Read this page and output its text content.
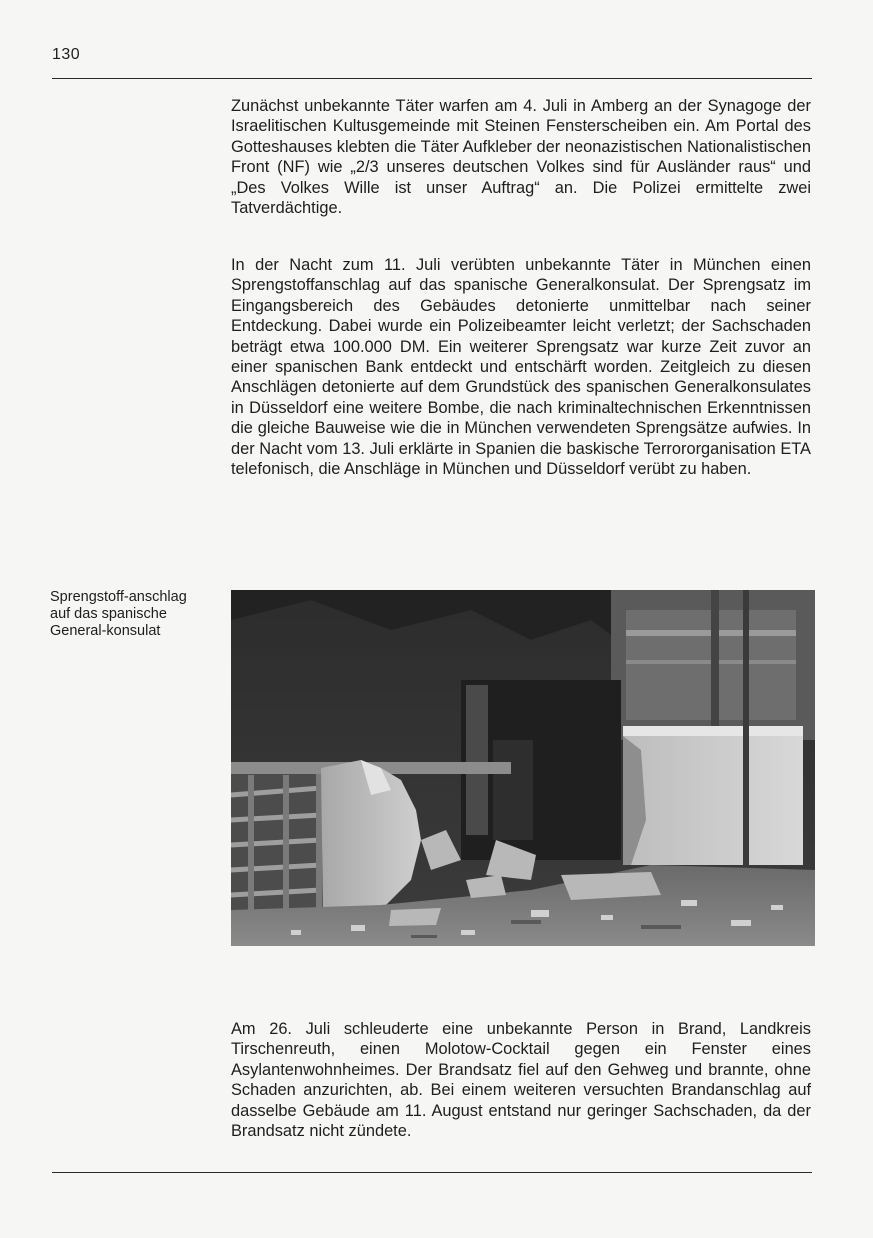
130

Zunächst unbekannte Täter warfen am 4. Juli in Amberg an der Synagoge der Israelitischen Kultusgemeinde mit Steinen Fensterscheiben ein. Am Portal des Gotteshauses klebten die Täter Aufkleber der neonazistischen Nationalistischen Front (NF) wie „2/3 unseres deutschen Volkes sind für Ausländer raus“ und „Des Volkes Wille ist unser Auftrag“ an. Die Polizei ermittelte zwei Tatverdächtige.

In der Nacht zum 11. Juli verübten unbekannte Täter in München einen Sprengstoffanschlag auf das spanische Generalkonsulat. Der Sprengsatz im Eingangsbereich des Gebäudes detonierte unmittelbar nach seiner Entdeckung. Dabei wurde ein Polizeibeamter leicht verletzt; der Sachschaden beträgt etwa 100.000 DM. Ein weiterer Sprengsatz war kurze Zeit zuvor an einer spanischen Bank entdeckt und entschärft worden. Zeitgleich zu diesen Anschlägen detonierte auf dem Grundstück des spanischen Generalkonsulates in Düsseldorf eine weitere Bombe, die nach kriminaltechnischen Erkenntnissen die gleiche Bauweise wie die in München verwendeten Sprengsätze aufwies. In der Nacht vom 13. Juli erklärte in Spanien die baskische Terrororganisation ETA telefonisch, die Anschläge in München und Düsseldorf verübt zu haben.

Sprengstoff-anschlag auf das spanische General-konsulat

Am 26. Juli schleuderte eine unbekannte Person in Brand, Landkreis Tirschenreuth, einen Molotow-Cocktail gegen ein Fenster eines Asylantenwohnheimes. Der Brandsatz fiel auf den Gehweg und brannte, ohne Schaden anzurichten, ab. Bei einem weiteren versuchten Brandanschlag auf dasselbe Gebäude am 11. August entstand nur geringer Sachschaden, da der Brandsatz nicht zündete.
